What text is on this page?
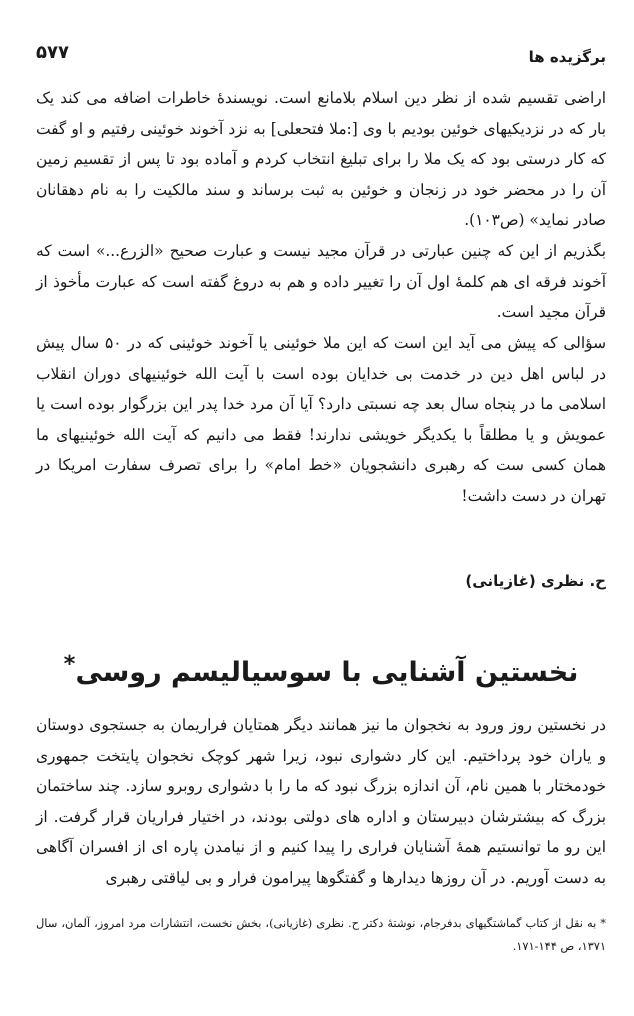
برگزیده ها
۵۷۷

اراضی تقسیم شده از نظر دین اسلام بلامانع است. نویسندهٔ خاطرات اضافه می کند یک بار که در نزدیکیهای خوئین بودیم با وی [:ملا فتحعلی] به نزد آخوند خوئینی رفتیم و او گفت که کار درستی بود که یک ملا را برای تبلیغ انتخاب کردم و آماده بود تا پس از تقسیم زمین آن را در محضر خود در زنجان و خوئین به ثبت برساند و سند مالکیت را به نام دهقانان صادر نماید» (ص۱۰۳).

بگذریم از این که چنین عبارتی در قرآن مجید نیست و عبارت صحیح «الزرع...» است که آخوند فرقه ای هم کلمهٔ اول آن را تغییر داده و هم به دروغ گفته است که عبارت مأخوذ از قرآن مجید است.

سؤالی که پیش می آید این است که این ملا خوئینی یا آخوند خوئینی که در ۵۰ سال پیش در لباس اهل دین در خدمت بی خدایان بوده است با آیت الله خوئینیهای دوران انقلاب اسلامی ما در پنجاه سال بعد چه نسبتی دارد؟ آیا آن مرد خدا پدر این بزرگوار بوده است یا عمویش و یا مطلقاً با یکدیگر خویشی ندارند! فقط می دانیم که آیت الله خوئینیهای ما همان کسی ست که رهبری دانشجویان «خط امام» را برای تصرف سفارت امریکا در تهران در دست داشت!

ح. نظری (غازیانی)
نخستین آشنایی با سوسیالیسم روسی*

در نخستین روز ورود به نخجوان ما نیز همانند دیگر همتایان فراریمان به جستجوی دوستان و یاران خود پرداختیم. این کار دشواری نبود، زیرا شهر کوچک نخجوان پایتخت جمهوری خودمختار با همین نام، آن اندازه بزرگ نبود که ما را با دشواری روبرو سازد. چند ساختمان بزرگ که بیشترشان دبیرستان و اداره های دولتی بودند، در اختیار فراریان قرار گرفت. از این رو ما توانستیم همهٔ آشنایان فراری را پیدا کنیم و از نیامدن پاره ای از افسران آگاهی به دست آوریم. در آن روزها دیدارها و گفتگوها پیرامون فرار و بی لیاقتی رهبری

* به نقل از کتاب گماشتگیهای بدفرجام، نوشتهٔ دکتر ح. نظری (غازیانی)، بخش نخست، انتشارات مرد امروز، آلمان، سال ۱۳۷۱، ص ۱۴۴-۱۷۱.
